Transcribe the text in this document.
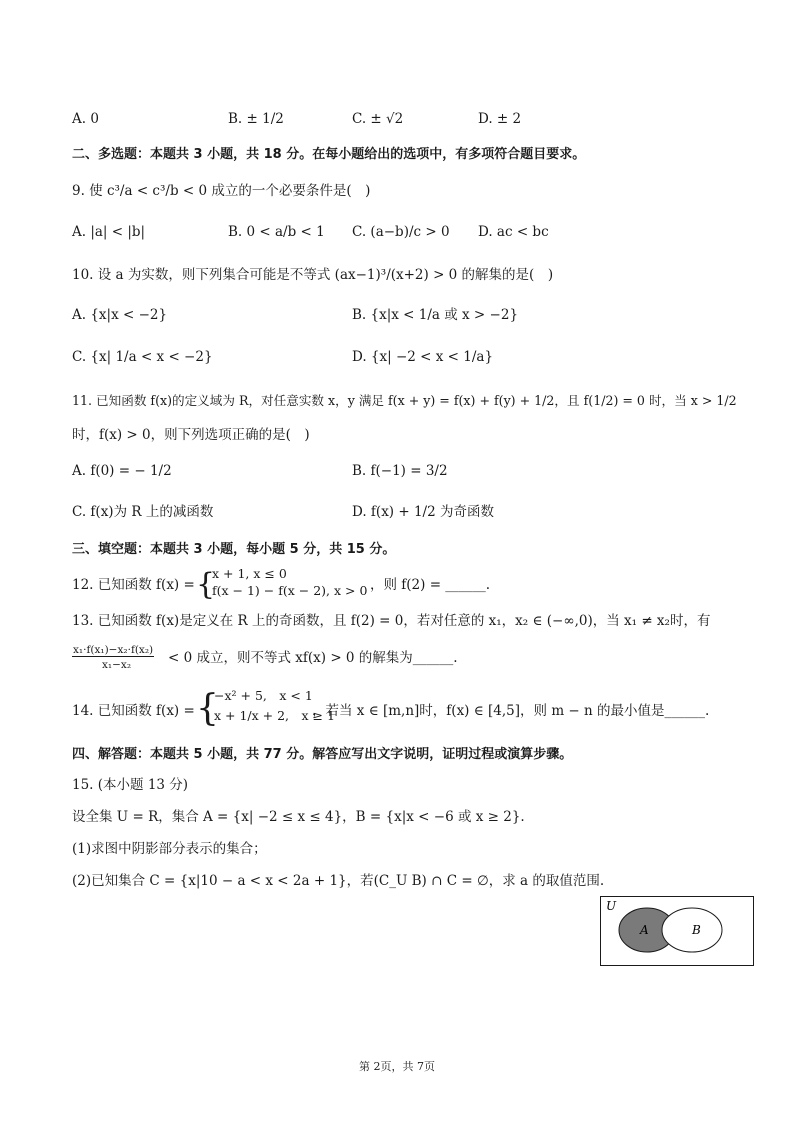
A. 0	B. ± 1/2	C. ± √2	D. ± 2
二、多选题：本题共 3 小题，共 18 分。在每小题给出的选项中，有多项符合题目要求。
9. 使 c³/a < c³/b < 0 成立的一个必要条件是(　)
A. |a| < |b|	B. 0 < a/b < 1 C. (a−b)/c > 0 D. ac < bc
10. 设 a 为实数，则下列集合可能是不等式 (ax−1)³/(x+2) > 0 的解集的是(　)
A. {x|x < −2}	B. {x|x < 1/a 或 x > −2}
C. {x| 1/a < x < −2}	D. {x| −2 < x < 1/a}
11. 已知函数 f(x)的定义域为 R，对任意实数 x，y 满足 f(x + y) = f(x) + f(y) + 1/2，且 f(1/2) = 0 时，当 x > 1/2
时，f(x) > 0，则下列选项正确的是(　)
A. f(0) = − 1/2	B. f(−1) = 3/2
C. f(x)为 R 上的减函数	D. f(x) + 1/2 为奇函数
三、填空题：本题共 3 小题，每小题 5 分，共 15 分。
12. 已知函数 f(x) = {
x + 1, x ≤ 0
f(x − 1) − f(x − 2), x > 0 ，则 f(2) = ______.
13. 已知函数 f(x)是定义在 R 上的奇函数，且 f(2) = 0，若对任意的 x₁，x₂ ∈ (−∞,0)，当 x₁ ≠ x₂时，有
x₁·f(x₁)−x₂·f(x₂)
x₁−x₂	< 0 成立，则不等式 xf(x) > 0 的解集为______.
14. 已知函数 f(x) = {
−x² + 5,　x < 1
x + 1/x + 2,　x ≥ 1
，若当 x ∈ [m,n]时，f(x) ∈ [4,5]，则 m − n 的最小值是______.
四、解答题：本题共 5 小题，共 77 分。解答应写出文字说明，证明过程或演算步骤。
15. (本小题 13 分)
设全集 U = R，集合 A = {x| −2 ≤ x ≤ 4}，B = {x|x < −6 或 x ≥ 2}.
(1)求图中阴影部分表示的集合；
(2)已知集合 C = {x|10 − a < x < 2a + 1}，若(C_U B) ∩ C = ∅，求 a 的取值范围.
U
A	B
第 2页，共 7页
